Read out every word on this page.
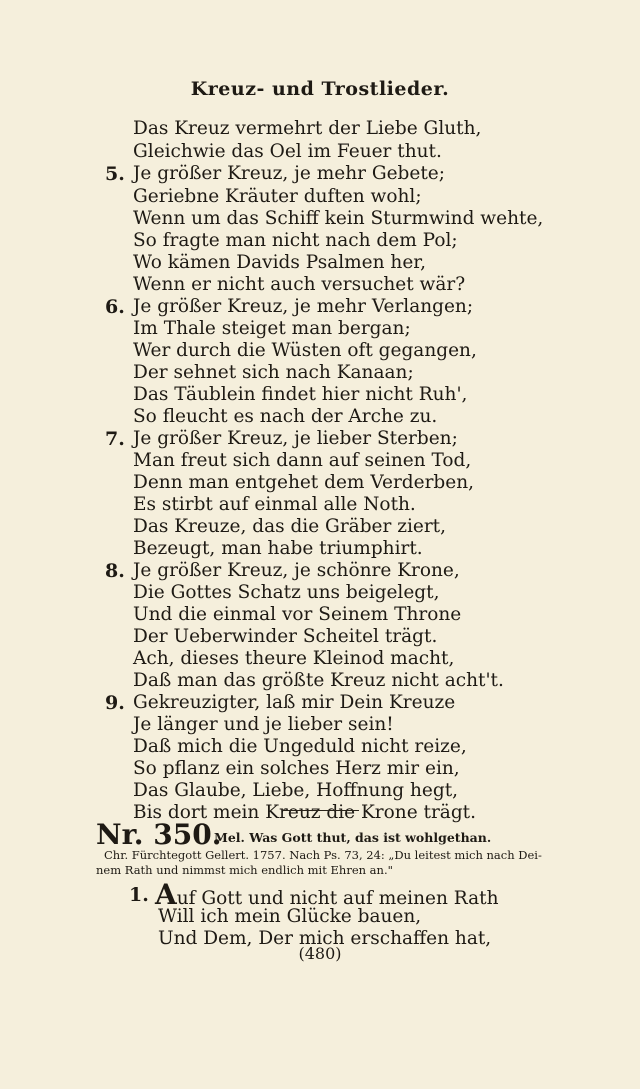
Kreuz- und Trostlieder.
Das Kreuz vermehrt der Liebe Gluth,
Gleichwie das Oel im Feuer thut.
5. Je größer Kreuz, je mehr Gebete;
Geriebne Kräuter duften wohl;
Wenn um das Schiff kein Sturmwind wehte,
So fragte man nicht nach dem Pol;
Wo kämen Davids Psalmen her,
Wenn er nicht auch versuchet wär?
6. Je größer Kreuz, je mehr Verlangen;
Im Thale steiget man bergan;
Wer durch die Wüsten oft gegangen,
Der sehnet sich nach Kanaan;
Das Täublein findet hier nicht Ruh',
So fleucht es nach der Arche zu.
7. Je größer Kreuz, je lieber Sterben;
Man freut sich dann auf seinen Tod,
Denn man entgehet dem Verderben,
Es stirbt auf einmal alle Noth.
Das Kreuze, das die Gräber ziert,
Bezeugt, man habe triumphirt.
8. Je größer Kreuz, je schönre Krone,
Die Gottes Schatz uns beigelegt,
Und die einmal vor Seinem Throne
Der Ueberwinder Scheitel trägt.
Ach, dieses theure Kleinod macht,
Daß man das größte Kreuz nicht acht't.
9. Gekreuzigter, laß mir Dein Kreuze
Je länger und je lieber sein!
Daß mich die Ungeduld nicht reize,
So pflanz ein solches Herz mir ein,
Das Glaube, Liebe, Hoffnung hegt,
Bis dort mein Kreuz die Krone trägt.
Nr. 350.
Mel. Was Gott thut, das ist wohlgethan.
Chr. Fürchtegott Gellert. 1757. Nach Ps. 73, 24: „Du leitest mich nach Dei-
nem Rath und nimmst mich endlich mit Ehren an."
1. Auf Gott und nicht auf meinen Rath
Will ich mein Glücke bauen,
Und Dem, Der mich erschaffen hat,
(480)
